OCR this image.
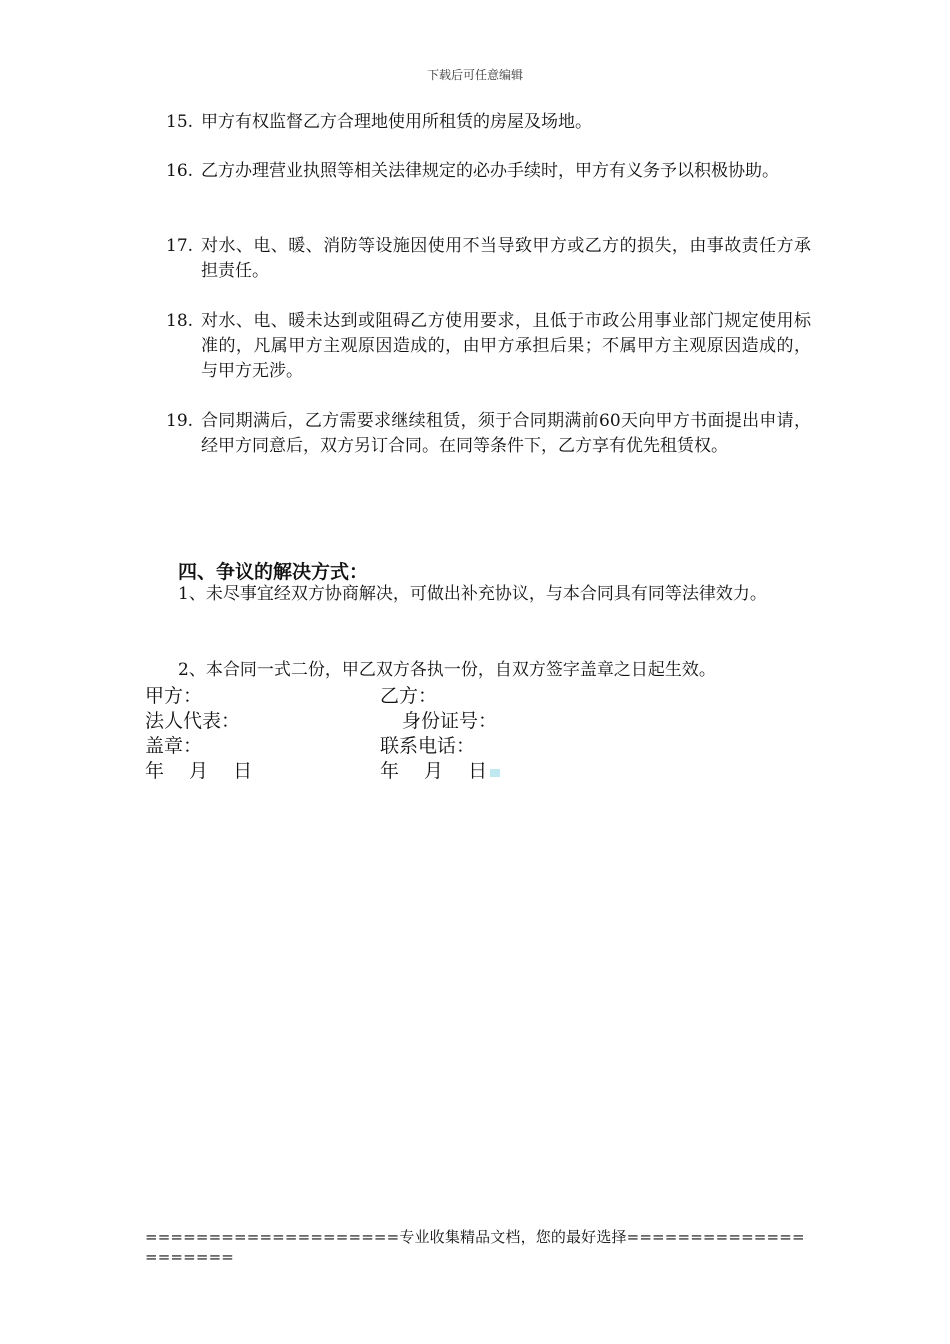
下载后可任意编辑
15. 甲方有权监督乙方合理地使用所租赁的房屋及场地。
16. 乙方办理营业执照等相关法律规定的必办手续时，甲方有义务予以积极协助。
17. 对水、电、暖、消防等设施因使用不当导致甲方或乙方的损失，由事故责任方承担责任。
18. 对水、电、暖未达到或阻碍乙方使用要求，且低于市政公用事业部门规定使用标准的，凡属甲方主观原因造成的，由甲方承担后果；不属甲方主观原因造成的，与甲方无涉。
19. 合同期满后，乙方需要求继续租赁，须于合同期满前60天向甲方书面提出申请，经甲方同意后，双方另订合同。在同等条件下，乙方享有优先租赁权。
四、争议的解决方式：
1、未尽事宜经双方协商解决，可做出补充协议，与本合同具有同等法律效力。
2、本合同一式二份，甲乙双方各执一份，自双方签字盖章之日起生效。
甲方：	乙方：
法人代表：	身份证号：
盖章：	联系电话：
年　 月　 日	年　 月　 日
====================专业收集精品文档，您的最好选择=====================
